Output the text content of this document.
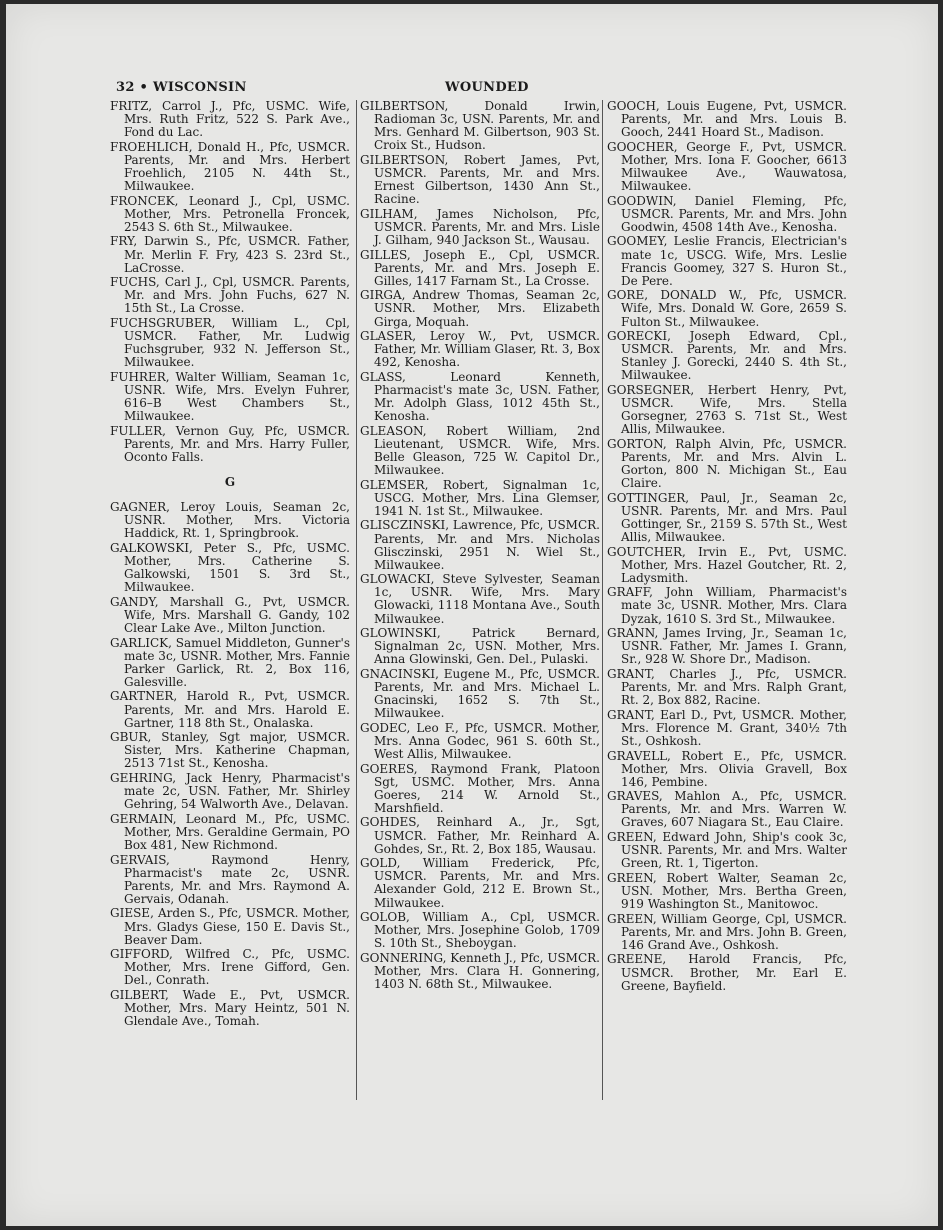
32 • WISCONSIN	WOUNDED

FRITZ, Carrol J., Pfc, USMC. Wife, Mrs. Ruth Fritz, 522 S. Park Ave., Fond du Lac.

FROEHLICH, Donald H., Pfc, USMCR. Parents, Mr. and Mrs. Herbert Froehlich, 2105 N. 44th St., Milwaukee.

FRONCEK, Leonard J., Cpl, USMC. Mother, Mrs. Petronella Froncek, 2543 S. 6th St., Milwaukee.

FRY, Darwin S., Pfc, USMCR. Father, Mr. Merlin F. Fry, 423 S. 23rd St., LaCrosse.

FUCHS, Carl J., Cpl, USMCR. Parents, Mr. and Mrs. John Fuchs, 627 N. 15th St., La Crosse.

FUCHSGRUBER, William L., Cpl, USMCR. Father, Mr. Ludwig Fuchsgruber, 932 N. Jefferson St., Milwaukee.

FUHRER, Walter William, Seaman 1c, USNR. Wife, Mrs. Evelyn Fuhrer, 616–B West Chambers St., Milwaukee.

FULLER, Vernon Guy, Pfc, USMCR. Parents, Mr. and Mrs. Harry Fuller, Oconto Falls.

G

GAGNER, Leroy Louis, Seaman 2c, USNR. Mother, Mrs. Victoria Haddick, Rt. 1, Springbrook.

GALKOWSKI, Peter S., Pfc, USMC. Mother, Mrs. Catherine S. Galkowski, 1501 S. 3rd St., Milwaukee.

GANDY, Marshall G., Pvt, USMCR. Wife, Mrs. Marshall G. Gandy, 102 Clear Lake Ave., Milton Junction.

GARLICK, Samuel Middleton, Gunner's mate 3c, USNR. Mother, Mrs. Fannie Parker Garlick, Rt. 2, Box 116, Galesville.

GARTNER, Harold R., Pvt, USMCR. Parents, Mr. and Mrs. Harold E. Gartner, 118 8th St., Onalaska.

GBUR, Stanley, Sgt major, USMCR. Sister, Mrs. Katherine Chapman, 2513 71st St., Kenosha.

GEHRING, Jack Henry, Pharmacist's mate 2c, USN. Father, Mr. Shirley Gehring, 54 Walworth Ave., Delavan.

GERMAIN, Leonard M., Pfc, USMC. Mother, Mrs. Geraldine Germain, PO Box 481, New Richmond.

GERVAIS, Raymond Henry, Pharmacist's mate 2c, USNR. Parents, Mr. and Mrs. Raymond A. Gervais, Odanah.

GIESE, Arden S., Pfc, USMCR. Mother, Mrs. Gladys Giese, 150 E. Davis St., Beaver Dam.

GIFFORD, Wilfred C., Pfc, USMC. Mother, Mrs. Irene Gifford, Gen. Del., Conrath.

GILBERT, Wade E., Pvt, USMCR. Mother, Mrs. Mary Heintz, 501 N. Glendale Ave., Tomah.

GILBERTSON, Donald Irwin, Radioman 3c, USN. Parents, Mr. and Mrs. Genhard M. Gilbertson, 903 St. Croix St., Hudson.

GILBERTSON, Robert James, Pvt, USMCR. Parents, Mr. and Mrs. Ernest Gilbertson, 1430 Ann St., Racine.

GILHAM, James Nicholson, Pfc, USMCR. Parents, Mr. and Mrs. Lisle J. Gilham, 940 Jackson St., Wausau.

GILLES, Joseph E., Cpl, USMCR. Parents, Mr. and Mrs. Joseph E. Gilles, 1417 Farnam St., La Crosse.

GIRGA, Andrew Thomas, Seaman 2c, USNR. Mother, Mrs. Elizabeth Girga, Moquah.

GLASER, Leroy W., Pvt, USMCR. Father, Mr. William Glaser, Rt. 3, Box 492, Kenosha.

GLASS, Leonard Kenneth, Pharmacist's mate 3c, USN. Father, Mr. Adolph Glass, 1012 45th St., Kenosha.

GLEASON, Robert William, 2nd Lieutenant, USMCR. Wife, Mrs. Belle Gleason, 725 W. Capitol Dr., Milwaukee.

GLEMSER, Robert, Signalman 1c, USCG. Mother, Mrs. Lina Glemser, 1941 N. 1st St., Milwaukee.

GLISCZINSKI, Lawrence, Pfc, USMCR. Parents, Mr. and Mrs. Nicholas Glisczinski, 2951 N. Wiel St., Milwaukee.

GLOWACKI, Steve Sylvester, Seaman 1c, USNR. Wife, Mrs. Mary Glowacki, 1118 Montana Ave., South Milwaukee.

GLOWINSKI, Patrick Bernard, Signalman 2c, USN. Mother, Mrs. Anna Glowinski, Gen. Del., Pulaski.

GNACINSKI, Eugene M., Pfc, USMCR. Parents, Mr. and Mrs. Michael L. Gnacinski, 1652 S. 7th St., Milwaukee.

GODEC, Leo F., Pfc, USMCR. Mother, Mrs. Anna Godec, 961 S. 60th St., West Allis, Milwaukee.

GOERES, Raymond Frank, Platoon Sgt, USMC. Mother, Mrs. Anna Goeres, 214 W. Arnold St., Marshfield.

GOHDES, Reinhard A., Jr., Sgt, USMCR. Father, Mr. Reinhard A. Gohdes, Sr., Rt. 2, Box 185, Wausau.

GOLD, William Frederick, Pfc, USMCR. Parents, Mr. and Mrs. Alexander Gold, 212 E. Brown St., Milwaukee.

GOLOB, William A., Cpl, USMCR. Mother, Mrs. Josephine Golob, 1709 S. 10th St., Sheboygan.

GONNERING, Kenneth J., Pfc, USMCR. Mother, Mrs. Clara H. Gonnering, 1403 N. 68th St., Milwaukee.

GOOCH, Louis Eugene, Pvt, USMCR. Parents, Mr. and Mrs. Louis B. Gooch, 2441 Hoard St., Madison.

GOOCHER, George F., Pvt, USMCR. Mother, Mrs. Iona F. Goocher, 6613 Milwaukee Ave., Wauwatosa, Milwaukee.

GOODWIN, Daniel Fleming, Pfc, USMCR. Parents, Mr. and Mrs. John Goodwin, 4508 14th Ave., Kenosha.

GOOMEY, Leslie Francis, Electrician's mate 1c, USCG. Wife, Mrs. Leslie Francis Goomey, 327 S. Huron St., De Pere.

GORE, DONALD W., Pfc, USMCR. Wife, Mrs. Donald W. Gore, 2659 S. Fulton St., Milwaukee.

GORECKI, Joseph Edward, Cpl., USMCR. Parents, Mr. and Mrs. Stanley J. Gorecki, 2440 S. 4th St., Milwaukee.

GORSEGNER, Herbert Henry, Pvt, USMCR. Wife, Mrs. Stella Gorsegner, 2763 S. 71st St., West Allis, Milwaukee.

GORTON, Ralph Alvin, Pfc, USMCR. Parents, Mr. and Mrs. Alvin L. Gorton, 800 N. Michigan St., Eau Claire.

GOTTINGER, Paul, Jr., Seaman 2c, USNR. Parents, Mr. and Mrs. Paul Gottinger, Sr., 2159 S. 57th St., West Allis, Milwaukee.

GOUTCHER, Irvin E., Pvt, USMC. Mother, Mrs. Hazel Goutcher, Rt. 2, Ladysmith.

GRAFF, John William, Pharmacist's mate 3c, USNR. Mother, Mrs. Clara Dyzak, 1610 S. 3rd St., Milwaukee.

GRANN, James Irving, Jr., Seaman 1c, USNR. Father, Mr. James I. Grann, Sr., 928 W. Shore Dr., Madison.

GRANT, Charles J., Pfc, USMCR. Parents, Mr. and Mrs. Ralph Grant, Rt. 2, Box 882, Racine.

GRANT, Earl D., Pvt, USMCR. Mother, Mrs. Florence M. Grant, 340½ 7th St., Oshkosh.

GRAVELL, Robert E., Pfc, USMCR. Mother, Mrs. Olivia Gravell, Box 146, Pembine.

GRAVES, Mahlon A., Pfc, USMCR. Parents, Mr. and Mrs. Warren W. Graves, 607 Niagara St., Eau Claire.

GREEN, Edward John, Ship's cook 3c, USNR. Parents, Mr. and Mrs. Walter Green, Rt. 1, Tigerton.

GREEN, Robert Walter, Seaman 2c, USN. Mother, Mrs. Bertha Green, 919 Washington St., Manitowoc.

GREEN, William George, Cpl, USMCR. Parents, Mr. and Mrs. John B. Green, 146 Grand Ave., Oshkosh.

GREENE, Harold Francis, Pfc, USMCR. Brother, Mr. Earl E. Greene, Bayfield.
